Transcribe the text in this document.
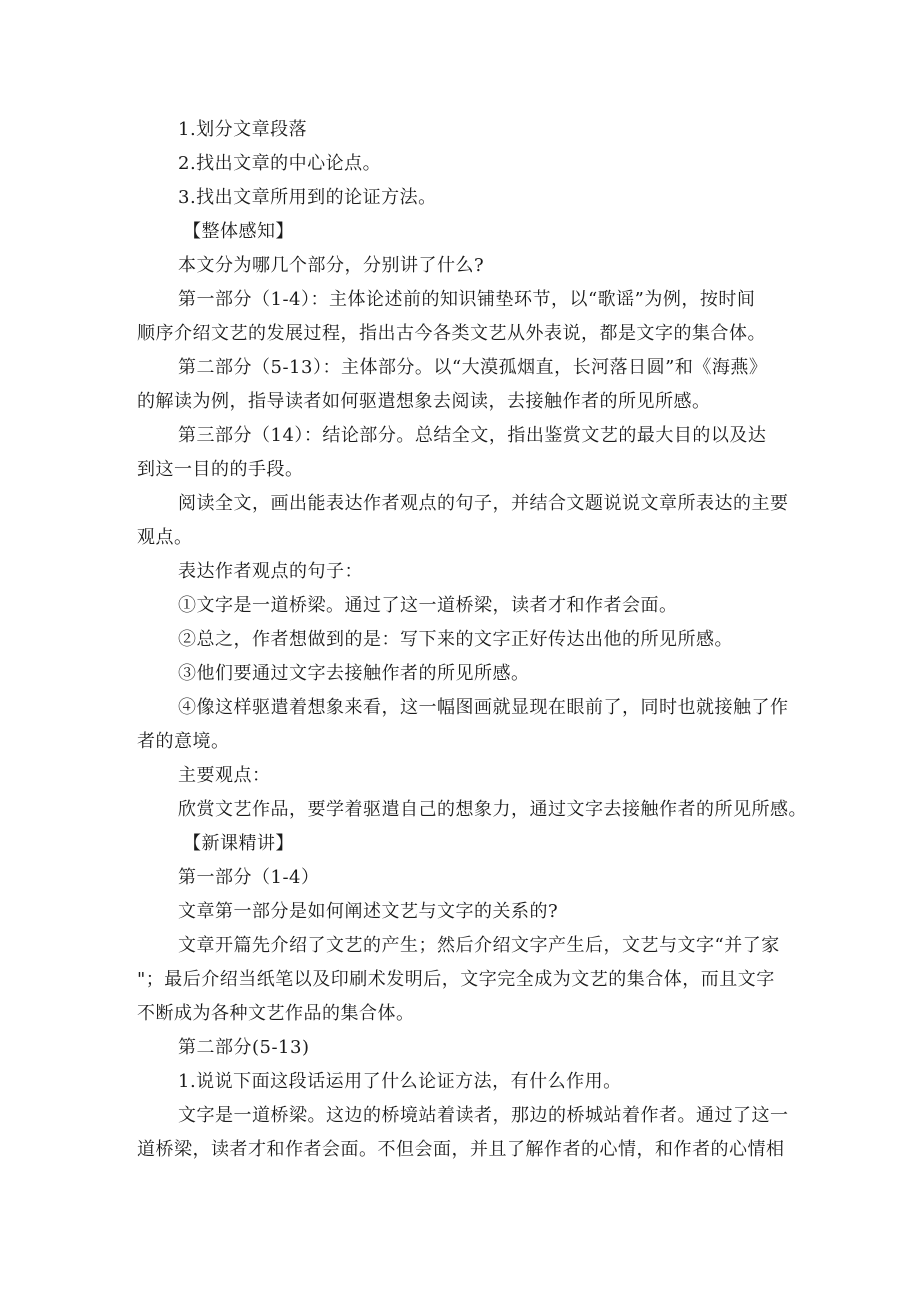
1.划分文章段落
2.找出文章的中心论点。
3.找出文章所用到的论证方法。
【整体感知】
本文分为哪几个部分，分别讲了什么?
第一部分（1-4）：主体论述前的知识铺垫环节，以“歌谣”为例，按时间
顺序介绍文艺的发展过程，指出古今各类文艺从外表说，都是文字的集合体。
第二部分（5-13）：主体部分。以“大漠孤烟直，长河落日圆”和《海燕》
的解读为例，指导读者如何驱遣想象去阅读，去接触作者的所见所感。
第三部分（14）：结论部分。总结全文，指出鉴赏文艺的最大目的以及达
到这一目的的手段。
阅读全文，画出能表达作者观点的句子，并结合文题说说文章所表达的主要
观点。
表达作者观点的句子：
①文字是一道桥梁。通过了这一道桥梁，读者才和作者会面。
②总之，作者想做到的是：写下来的文字正好传达出他的所见所感。
③他们要通过文字去接触作者的所见所感。
④像这样驱遣着想象来看，这一幅图画就显现在眼前了，同时也就接触了作
者的意境。
主要观点：
欣赏文艺作品，要学着驱遣自己的想象力，通过文字去接触作者的所见所感。
【新课精讲】
第一部分（1-4）
文章第一部分是如何阐述文艺与文字的关系的?
文章开篇先介绍了文艺的产生；然后介绍文字产生后，文艺与文字“并了家
"；最后介绍当纸笔以及印刷术发明后，文字完全成为文艺的集合体，而且文字
不断成为各种文艺作品的集合体。
第二部分(5-13)
1.说说下面这段话运用了什么论证方法，有什么作用。
文字是一道桥梁。这边的桥境站着读者，那边的桥城站着作者。通过了这一
道桥梁，读者才和作者会面。不但会面，并且了解作者的心情，和作者的心情相
